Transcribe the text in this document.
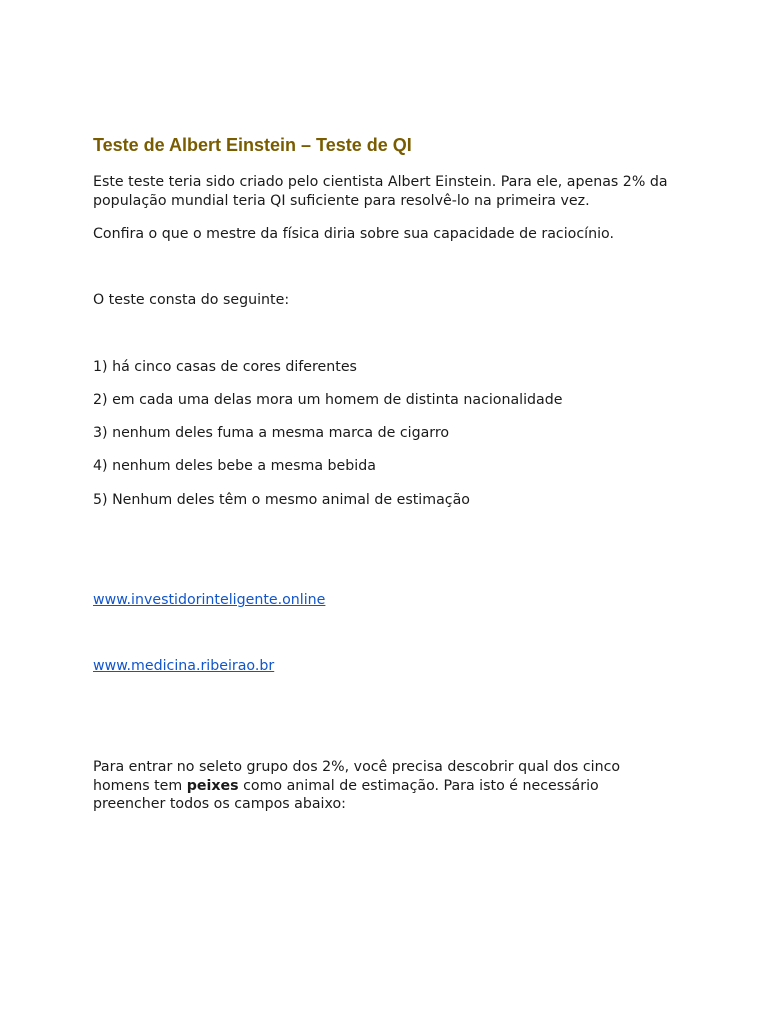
Teste de Albert Einstein – Teste de QI

Este teste teria sido criado pelo cientista Albert Einstein. Para ele, apenas 2% da
população mundial teria QI suficiente para resolvê-lo na primeira vez.

Confira o que o mestre da física diria sobre sua capacidade de raciocínio.

O teste consta do seguinte:

1) há cinco casas de cores diferentes

2) em cada uma delas mora um homem de distinta nacionalidade

3) nenhum deles fuma a mesma marca de cigarro

4) nenhum deles bebe a mesma bebida

5) Nenhum deles têm o mesmo animal de estimação

www.investidorinteligente.online

www.medicina.ribeirao.br

Para entrar no seleto grupo dos 2%, você precisa descobrir qual dos cinco
homens tem peixes como animal de estimação. Para isto é necessário
preencher todos os campos abaixo:
